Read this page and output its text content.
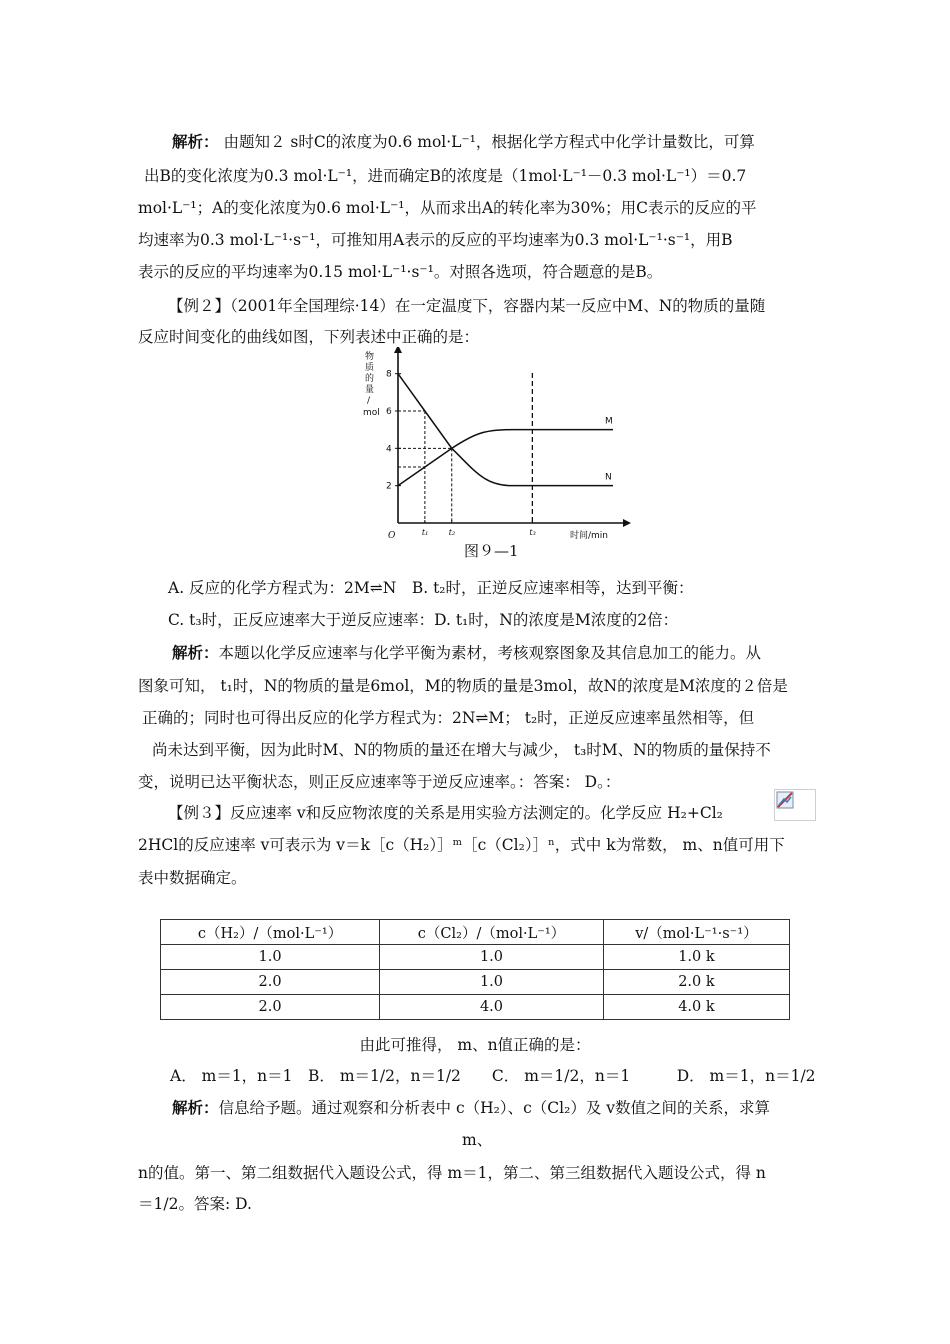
解析： 由题知２ s时C的浓度为0.6 mol·L⁻¹，根据化学方程式中化学计量数比，可算
出B的变化浓度为0.3 mol·L⁻¹，进而确定B的浓度是（1mol·L⁻¹－0.3 mol·L⁻¹）＝0.7
mol·L⁻¹；A的变化浓度为0.6 mol·L⁻¹，从而求出A的转化率为30%；用C表示的反应的平
均速率为0.3 mol·L⁻¹·s⁻¹，可推知用A表示的反应的平均速率为0.3 mol·L⁻¹·s⁻¹，用B
表示的反应的平均速率为0.15 mol·L⁻¹·s⁻¹。对照各选项，符合题意的是B。
【例２】（2001年全国理综·14）在一定温度下，容器内某一反应中M、N的物质的量随
反应时间变化的曲线如图，下列表述中正确的是：
2
4
6
8
t₁	t₂	t₃
M
N
物
质
的
量
/
mol
时间/min
O
图９—1
A. 反应的化学方程式为：2M⇌N　B. t₂时，正逆反应速率相等，达到平衡：
C. t₃时，正反应速率大于逆反应速率：D. t₁时，N的浓度是M浓度的2倍：
解析：本题以化学反应速率与化学平衡为素材，考核观察图象及其信息加工的能力。从
图象可知， t₁时，N的物质的量是6mol，M的物质的量是3mol，故N的浓度是M浓度的２倍是
正确的；同时也可得出反应的化学方程式为：2N⇌M； t₂时，正逆反应速率虽然相等，但
尚未达到平衡，因为此时M、N的物质的量还在增大与减少， t₃时M、N的物质的量保持不
变，说明已达平衡状态，则正反应速率等于逆反应速率。：答案： D。：
【例３】反应速率 v和反应物浓度的关系是用实验方法测定的。化学反应 H₂+Cl₂
2HCl的反应速率 v可表示为 v＝k［c（H₂）］ᵐ［c（Cl₂）］ⁿ，式中 k为常数， m、n值可用下
表中数据确定。
c（H₂）/（mol·L⁻¹）	c（Cl₂）/（mol·L⁻¹）	v/（mol·L⁻¹·s⁻¹）
1.0	1.0	1.0 k
2.0	1.0	2.0 k
2.0	4.0	4.0 k
由此可推得， m、n值正确的是：
A． m＝1，n＝1　B． m＝1/2，n＝1/2　　C． m＝1/2，n＝1　　　D． m＝1，n＝1/2
解析：信息给予题。通过观察和分析表中 c（H₂）、c（Cl₂）及 v数值之间的关系，求算
m、
n的值。第一、第二组数据代入题设公式，得 m＝1，第二、第三组数据代入题设公式，得 n
＝1/2。答案: D.
